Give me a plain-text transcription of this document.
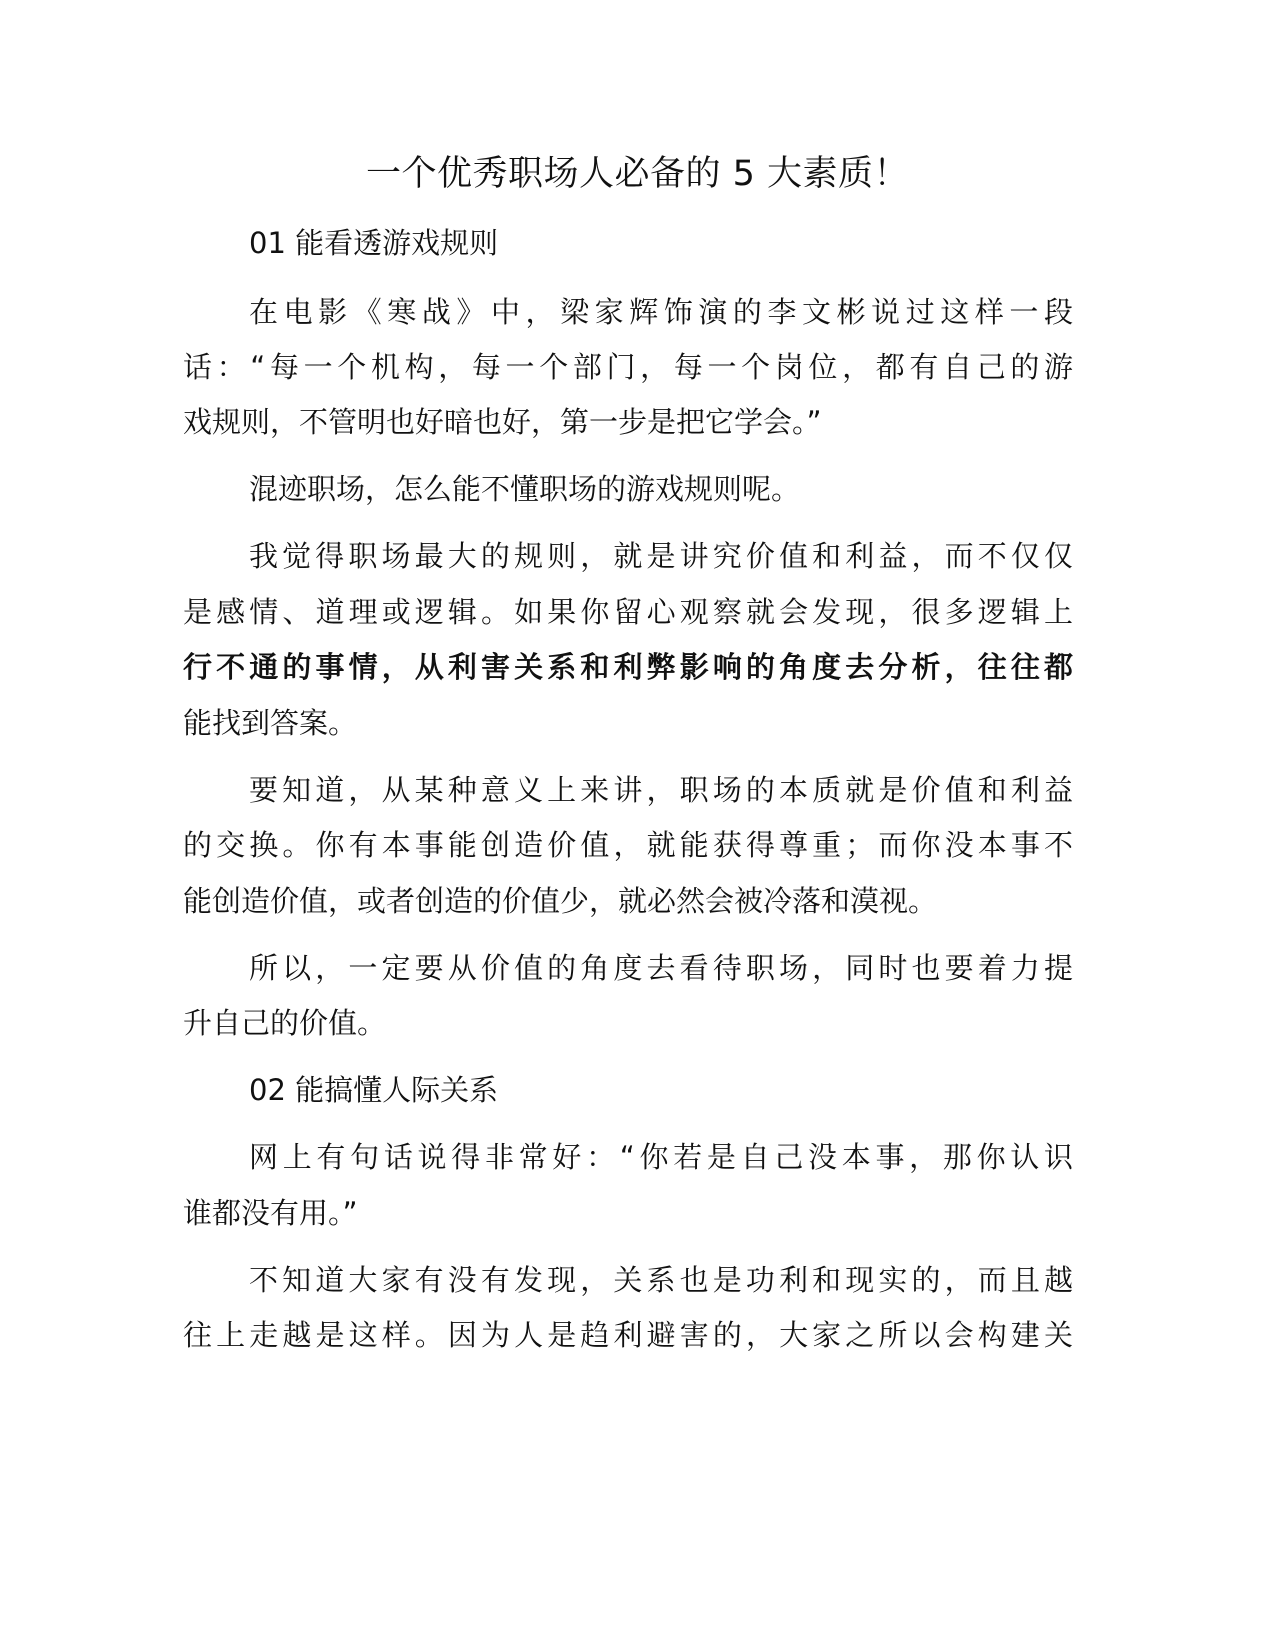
一个优秀职场人必备的 5 大素质！

01 能看透游戏规则

在电影《寒战》中，梁家辉饰演的李文彬说过这样一段

话：“每一个机构，每一个部门，每一个岗位，都有自己的游

戏规则，不管明也好暗也好，第一步是把它学会。”

混迹职场，怎么能不懂职场的游戏规则呢。

我觉得职场最大的规则，就是讲究价值和利益，而不仅仅

是感情、道理或逻辑。如果你留心观察就会发现，很多逻辑上

行不通的事情，从利害关系和利弊影响的角度去分析，往往都

能找到答案。

要知道，从某种意义上来讲，职场的本质就是价值和利益

的交换。你有本事能创造价值，就能获得尊重；而你没本事不

能创造价值，或者创造的价值少，就必然会被冷落和漠视。

所以，一定要从价值的角度去看待职场，同时也要着力提

升自己的价值。

02 能搞懂人际关系

网上有句话说得非常好：“你若是自己没本事，那你认识

谁都没有用。”

不知道大家有没有发现，关系也是功利和现实的，而且越

往上走越是这样。因为人是趋利避害的，大家之所以会构建关
